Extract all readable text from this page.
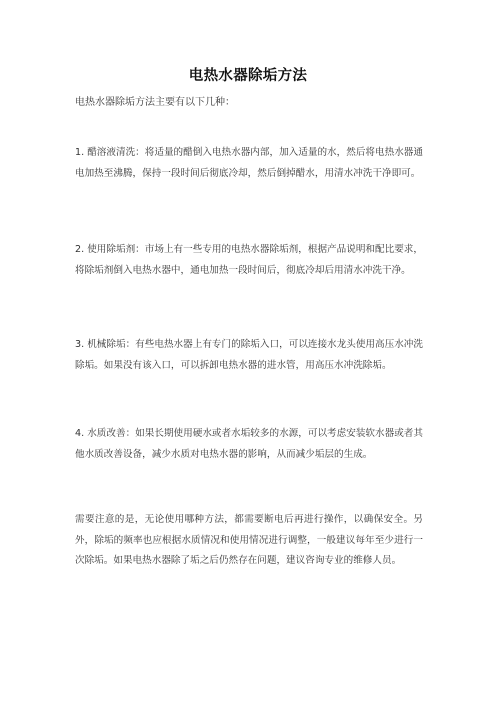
电热水器除垢方法
电热水器除垢方法主要有以下几种：
1. 醋溶液清洗：将适量的醋倒入电热水器内部，加入适量的水，然后将电热水器通电加热至沸腾，保持一段时间后彻底冷却，然后倒掉醋水，用清水冲洗干净即可。
2. 使用除垢剂：市场上有一些专用的电热水器除垢剂，根据产品说明和配比要求，将除垢剂倒入电热水器中，通电加热一段时间后，彻底冷却后用清水冲洗干净。
3. 机械除垢：有些电热水器上有专门的除垢入口，可以连接水龙头使用高压水冲洗除垢。如果没有该入口，可以拆卸电热水器的进水管，用高压水冲洗除垢。
4. 水质改善：如果长期使用硬水或者水垢较多的水源，可以考虑安装软水器或者其他水质改善设备，减少水质对电热水器的影响，从而减少垢层的生成。
需要注意的是，无论使用哪种方法，都需要断电后再进行操作，以确保安全。另外，除垢的频率也应根据水质情况和使用情况进行调整，一般建议每年至少进行一次除垢。如果电热水器除了垢之后仍然存在问题，建议咨询专业的维修人员。
